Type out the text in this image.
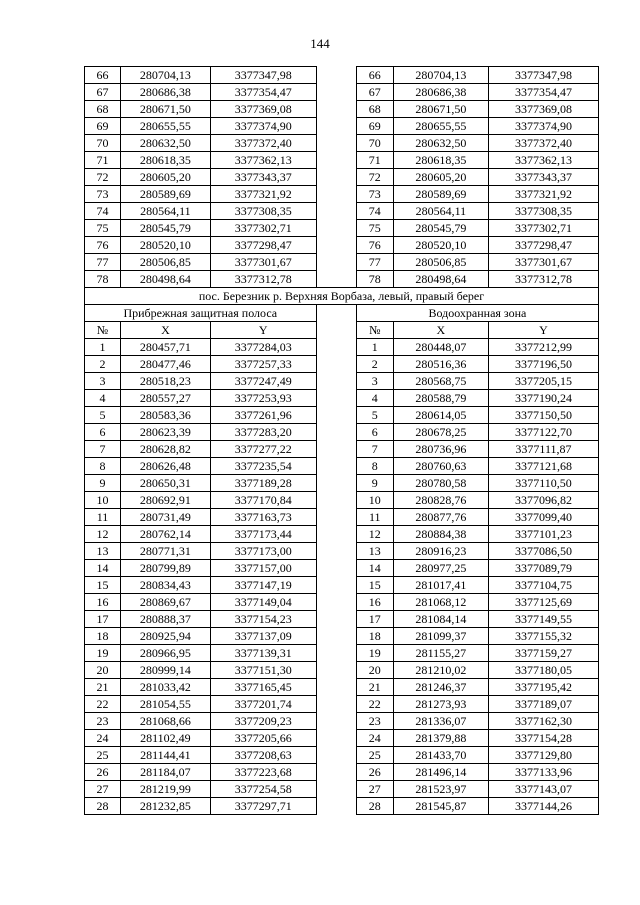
144
66	280704,13	3377347,98		66	280704,13	3377347,98
67	280686,38	3377354,47		67	280686,38	3377354,47
68	280671,50	3377369,08		68	280671,50	3377369,08
69	280655,55	3377374,90		69	280655,55	3377374,90
70	280632,50	3377372,40		70	280632,50	3377372,40
71	280618,35	3377362,13		71	280618,35	3377362,13
72	280605,20	3377343,37		72	280605,20	3377343,37
73	280589,69	3377321,92		73	280589,69	3377321,92
74	280564,11	3377308,35		74	280564,11	3377308,35
75	280545,79	3377302,71		75	280545,79	3377302,71
76	280520,10	3377298,47		76	280520,10	3377298,47
77	280506,85	3377301,67		77	280506,85	3377301,67
78	280498,64	3377312,78		78	280498,64	3377312,78
пос. Березник р. Верхняя Ворбаза, левый, правый берег						
Прибрежная защитная полоса				Водоохранная зона		
№	X	Y		№	X	Y
1	280457,71	3377284,03		1	280448,07	3377212,99
2	280477,46	3377257,33		2	280516,36	3377196,50
3	280518,23	3377247,49		3	280568,75	3377205,15
4	280557,27	3377253,93		4	280588,79	3377190,24
5	280583,36	3377261,96		5	280614,05	3377150,50
6	280623,39	3377283,20		6	280678,25	3377122,70
7	280628,82	3377277,22		7	280736,96	3377111,87
8	280626,48	3377235,54		8	280760,63	3377121,68
9	280650,31	3377189,28		9	280780,58	3377110,50
10	280692,91	3377170,84		10	280828,76	3377096,82
11	280731,49	3377163,73		11	280877,76	3377099,40
12	280762,14	3377173,44		12	280884,38	3377101,23
13	280771,31	3377173,00		13	280916,23	3377086,50
14	280799,89	3377157,00		14	280977,25	3377089,79
15	280834,43	3377147,19		15	281017,41	3377104,75
16	280869,67	3377149,04		16	281068,12	3377125,69
17	280888,37	3377154,23		17	281084,14	3377149,55
18	280925,94	3377137,09		18	281099,37	3377155,32
19	280966,95	3377139,31		19	281155,27	3377159,27
20	280999,14	3377151,30		20	281210,02	3377180,05
21	281033,42	3377165,45		21	281246,37	3377195,42
22	281054,55	3377201,74		22	281273,93	3377189,07
23	281068,66	3377209,23		23	281336,07	3377162,30
24	281102,49	3377205,66		24	281379,88	3377154,28
25	281144,41	3377208,63		25	281433,70	3377129,80
26	281184,07	3377223,68		26	281496,14	3377133,96
27	281219,99	3377254,58		27	281523,97	3377143,07
28	281232,85	3377297,71		28	281545,87	3377144,26
